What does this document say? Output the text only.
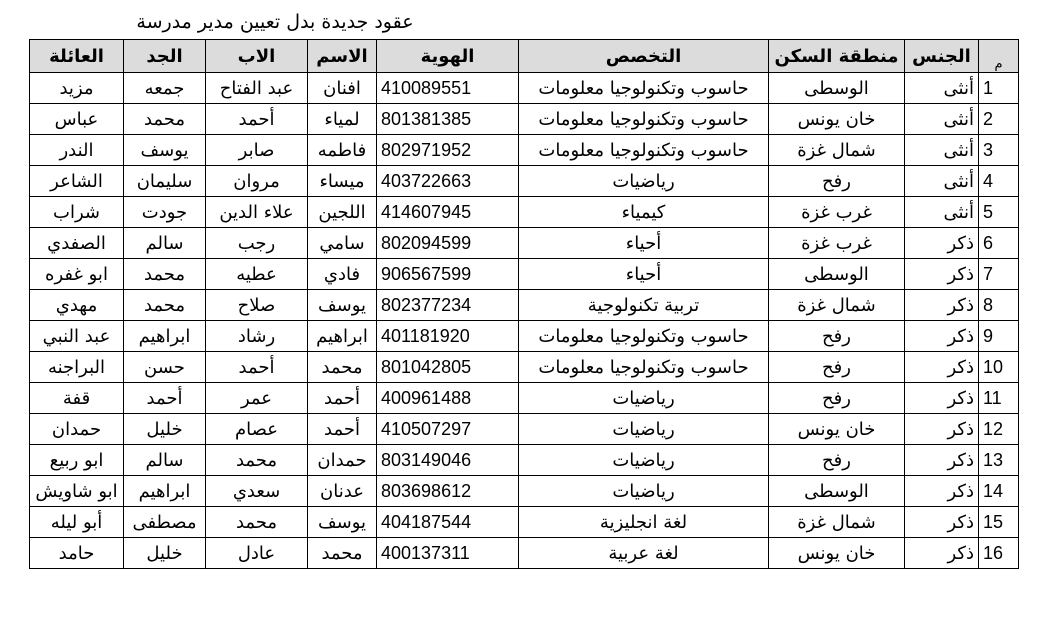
عقود جديدة بدل تعيين مدير مدرسة
م	الجنس	منطقة السكن	التخصص	الهوية	الاسم	الاب	الجد	العائلة
1	أنثى	الوسطى	حاسوب وتكنولوجيا معلومات	410089551	افنان	عبد الفتاح	جمعه	مزيد
2	أنثى	خان يونس	حاسوب وتكنولوجيا معلومات	801381385	لمياء	أحمد	محمد	عباس
3	أنثى	شمال غزة	حاسوب وتكنولوجيا معلومات	802971952	فاطمه	صابر	يوسف	الندر
4	أنثى	رفح	رياضيات	403722663	ميساء	مروان	سليمان	الشاعر
5	أنثى	غرب غزة	كيمياء	414607945	اللجين	علاء الدين	جودت	شراب
6	ذكر	غرب غزة	أحياء	802094599	سامي	رجب	سالم	الصفدي
7	ذكر	الوسطى	أحياء	906567599	فادي	عطيه	محمد	ابو غفره
8	ذكر	شمال غزة	تربية تكنولوجية	802377234	يوسف	صلاح	محمد	مهدي
9	ذكر	رفح	حاسوب وتكنولوجيا معلومات	401181920	ابراهيم	رشاد	ابراهيم	عبد النبي
10	ذكر	رفح	حاسوب وتكنولوجيا معلومات	801042805	محمد	أحمد	حسن	البراجنه
11	ذكر	رفح	رياضيات	400961488	أحمد	عمر	أحمد	قفة
12	ذكر	خان يونس	رياضيات	410507297	أحمد	عصام	خليل	حمدان
13	ذكر	رفح	رياضيات	803149046	حمدان	محمد	سالم	ابو ربيع
14	ذكر	الوسطى	رياضيات	803698612	عدنان	سعدي	ابراهيم	ابو شاويش
15	ذكر	شمال غزة	لغة انجليزية	404187544	يوسف	محمد	مصطفى	أبو ليله
16	ذكر	خان يونس	لغة عربية	400137311	محمد	عادل	خليل	حامد
